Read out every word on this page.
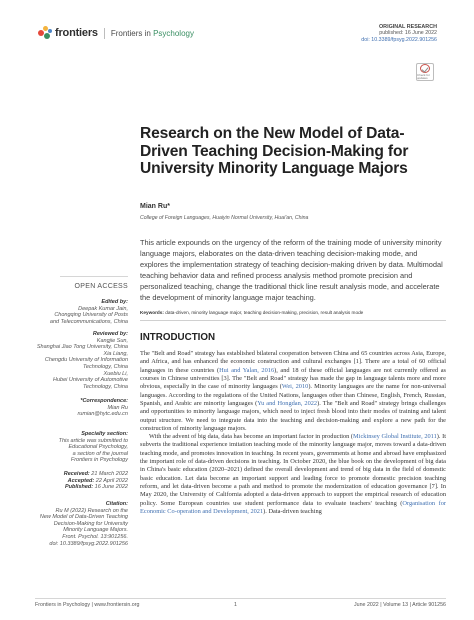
frontiers Frontiers in Psychology
ORIGINAL RESEARCH
published: 16 June 2022
doi: 10.3389/fpsyg.2022.901256
Check for updates
Research on the New Model of Data-Driven Teaching Decision-Making for University Minority Language Majors
Mian Ru*
College of Foreign Languages, Huaiyin Normal University, Huai'an, China

This article expounds on the urgency of the reform of the training mode of university minority language majors, elaborates on the data-driven teaching decision-making mode, and explores the implementation strategy of teaching decision-making driven by data. Multimodal teaching behavior data and refined process analysis method promote precision and personalized teaching, change the traditional thick line result analysis mode, and accelerate the development of minority language major teaching.

Keywords: data-driven, minority language major, teaching decision-making, precision, result analysis mode
INTRODUCTION

The "Belt and Road" strategy has established bilateral cooperation between China and 65 countries across Asia, Europe, and Africa, and has enhanced the economic construction and cultural exchanges [1]. There are a total of 60 official languages in these countries (Hui and Yalan, 2016), and 18 of these official languages are not currently offered as courses in Chinese universities [3]. The "Belt and Road" strategy has made the gap in language talents more and more obvious, especially in the case of minority languages (Wei, 2010). Minority languages are the name for non-universal languages. According to the regulations of the United Nations, languages other than Chinese, English, French, Russian, Spanish, and Arabic are minority languages (Yu and Hongdan, 2022). The "Belt and Road" strategy brings challenges and opportunities to minority language majors, which need to inject fresh blood into their modes of training and talent output structure. We need to integrate data into the teaching and decision-making and explore a new path for the construction of minority language majors.

With the advent of big data, data has become an important factor in production (Mickinsey Global Institute, 2011). It subverts the traditional experience imitation teaching mode of the minority language major, moves toward a data-driven teaching mode, and promotes innovation in teaching. In recent years, governments at home and abroad have emphasized the important role of data-driven decisions in teaching. In October 2020, the blue book on the development of big data in China's basic education (2020–2021) defined the overall development and trend of big data in the field of domestic basic education. Let data become an important support and leading force to promote domestic precision teaching reform, and let data-driven become a path and method to promote the modernization of education governance [7]. In May 2020, the University of California adopted a data-driven approach to support the empirical research of education policy. Some European countries use student performance data to evaluate teachers' teaching (Organisation for Economic Co-operation and Development, 2021). Data-driven teaching

OPEN ACCESS
Edited by:
Deepak Kumar Jain,
Chongqing University of Posts
and Telecommunications, China
Reviewed by:
Kangjie Sun,
Shanghai Jiao Tong University, China
Xia Liang,
Chengdu University of Information
Technology, China
Xuebiu Li,
Hubei University of Automotive
Technology, China
*Correspondence:
Mian Ru
rumian@hytc.edu.cn
Specialty section:
This article was submitted to
Educational Psychology,
a section of the journal
Frontiers in Psychology
Received: 21 March 2022
Accepted: 22 April 2022
Published: 16 June 2022
Citation:
Ru M (2022) Research on the
New Model of Data-Driven Teaching
Decision-Making for University
Minority Language Majors.
Front. Psychol. 13:901256.
doi: 10.3389/fpsyg.2022.901256
Frontiers in Psychology | www.frontiersin.org	1	June 2022 | Volume 13 | Article 901256
